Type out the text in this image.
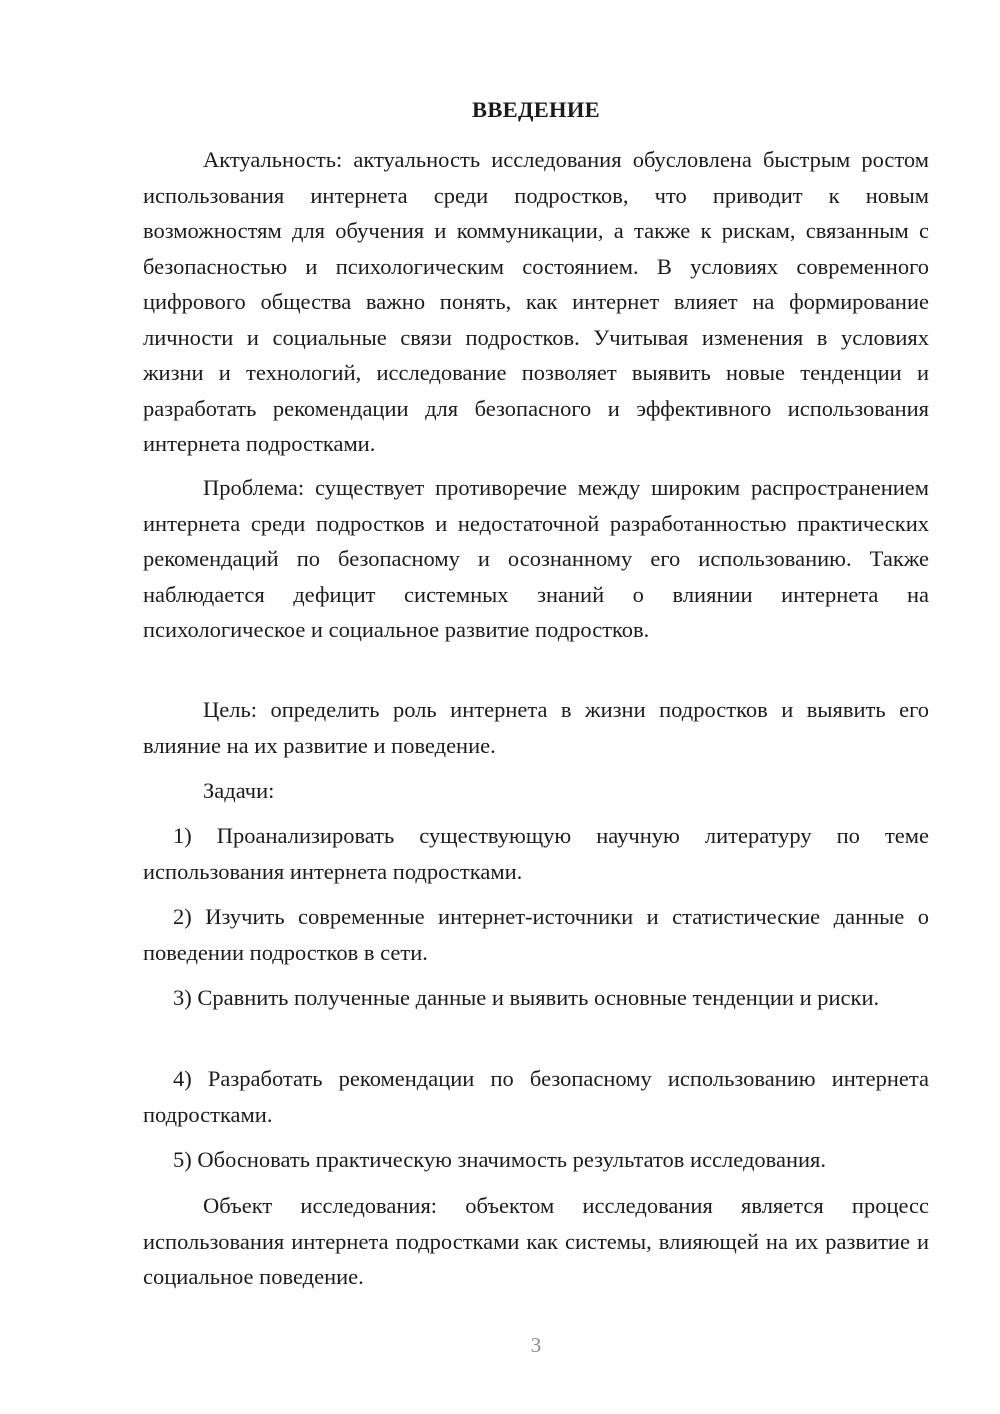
ВВЕДЕНИЕ

Актуальность: актуальность исследования обусловлена быстрым ростом использования интернета среди подростков, что приводит к новым возможностям для обучения и коммуникации, а также к рискам, связанным с безопасностью и психологическим состоянием. В условиях современного цифрового общества важно понять, как интернет влияет на формирование личности и социальные связи подростков. Учитывая изменения в условиях жизни и технологий, исследование позволяет выявить новые тенденции и разработать рекомендации для безопасного и эффективного использования интернета подростками.

Проблема: существует противоречие между широким распространением интернета среди подростков и недостаточной разработанностью практических рекомендаций по безопасному и осознанному его использованию. Также наблюдается дефицит системных знаний о влиянии интернета на психологическое и социальное развитие подростков.

Цель: определить роль интернета в жизни подростков и выявить его влияние на их развитие и поведение.

Задачи:

1) Проанализировать существующую научную литературу по теме использования интернета подростками.

2) Изучить современные интернет-источники и статистические данные о поведении подростков в сети.

3) Сравнить полученные данные и выявить основные тенденции и риски.

4) Разработать рекомендации по безопасному использованию интернета подростками.

5) Обосновать практическую значимость результатов исследования.

Объект исследования: объектом исследования является процесс использования интернета подростками как системы, влияющей на их развитие и социальное поведение.

3
